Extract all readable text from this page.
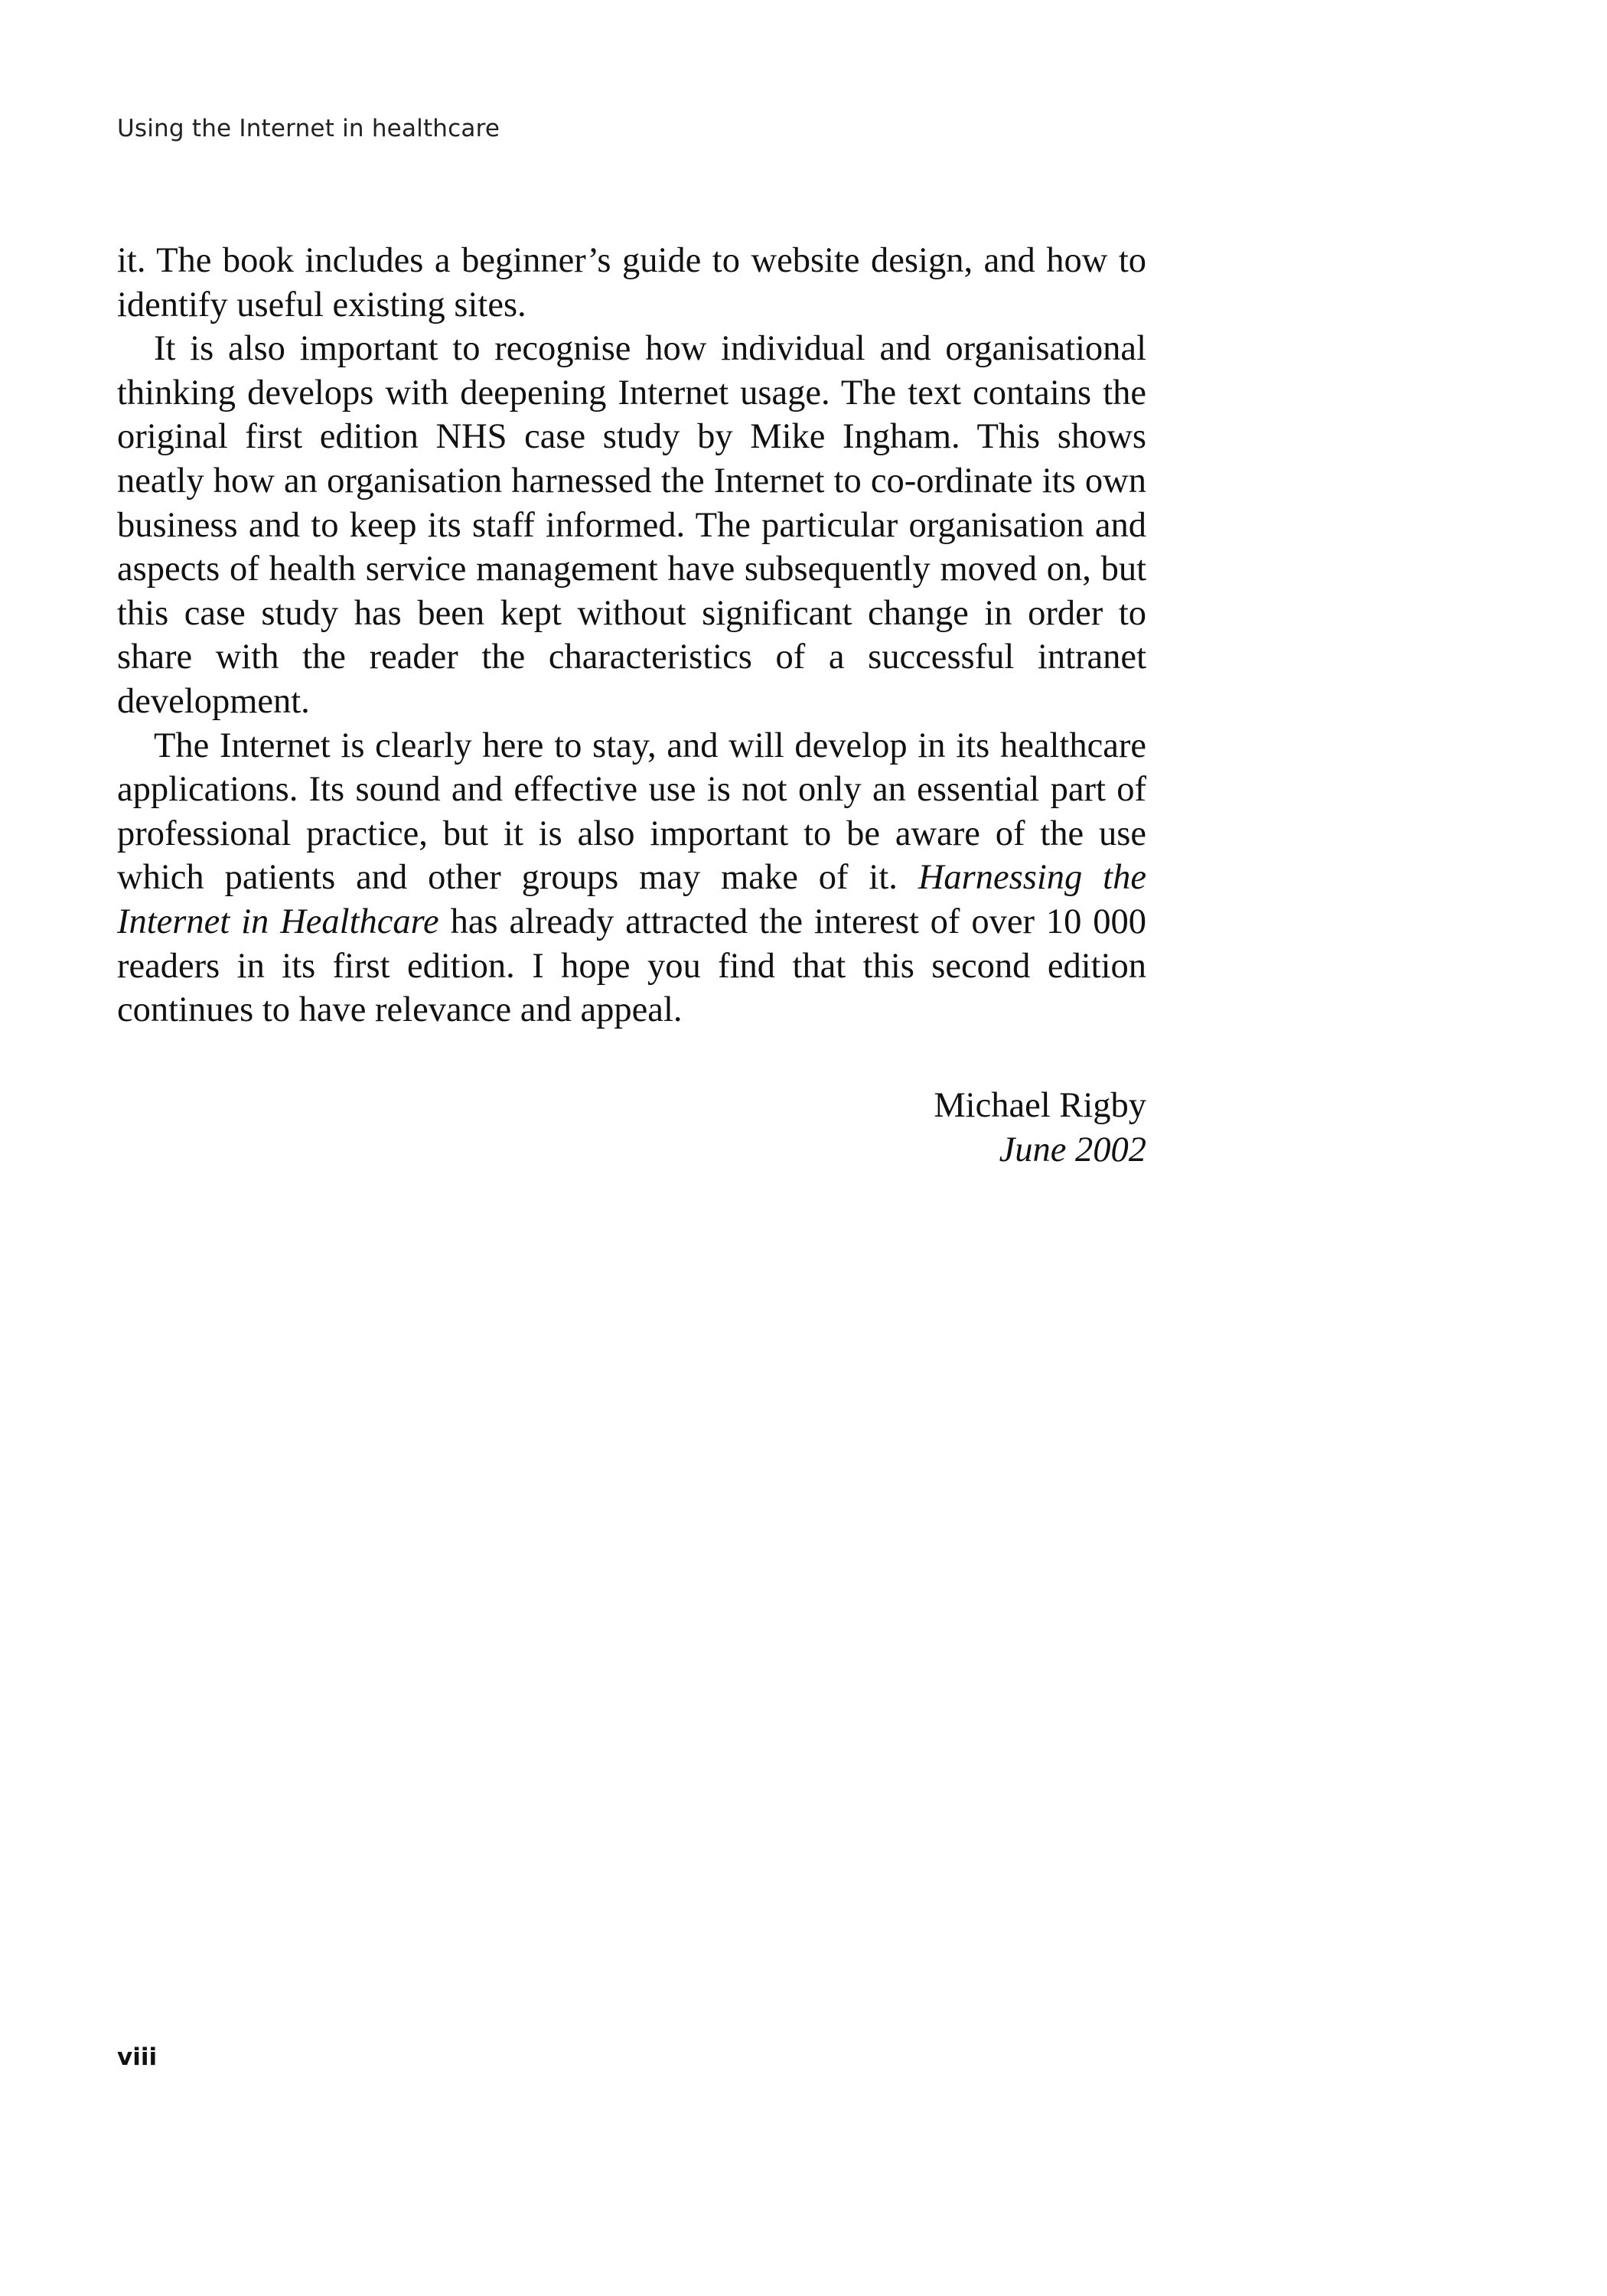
Using the Internet in healthcare

it. The book includes a beginner’s guide to website design, and how to identify useful existing sites.

It is also important to recognise how individual and organisational thinking develops with deepening Internet usage. The text contains the original first edition NHS case study by Mike Ingham. This shows neatly how an organisation harnessed the Internet to co-ordinate its own business and to keep its staff informed. The particular organisation and aspects of health service management have subsequently moved on, but this case study has been kept without significant change in order to share with the reader the characteristics of a successful intranet development.

The Internet is clearly here to stay, and will develop in its healthcare applications. Its sound and effective use is not only an essential part of professional practice, but it is also important to be aware of the use which patients and other groups may make of it. Harnessing the Internet in Healthcare has already attracted the interest of over 10 000 readers in its first edition. I hope you find that this second edition continues to have relevance and appeal.

Michael Rigby
June 2002
viii
